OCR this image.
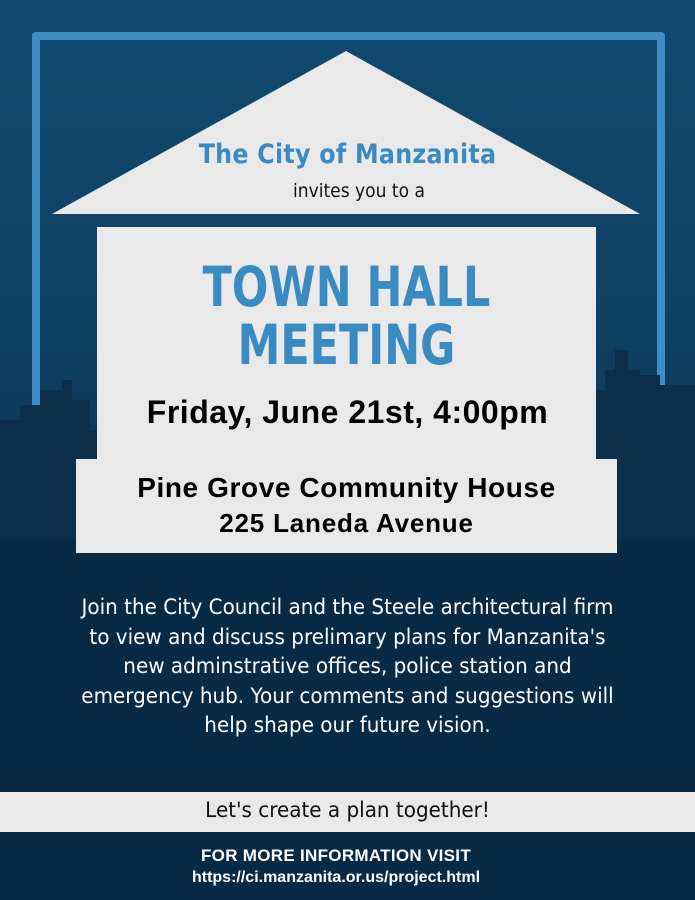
The City of Manzanita
invites you to a
TOWN HALL
MEETING
Friday, June 21st, 4:00pm
Pine Grove Community House
225 Laneda Avenue
Join the City Council and the Steele architectural firm to view and discuss prelimary plans for Manzanita's new adminstrative offices, police station and emergency hub. Your comments and suggestions will help shape our future vision.
Let's create a plan together!
FOR MORE INFORMATION VISIT
https://ci.manzanita.or.us/project.html
